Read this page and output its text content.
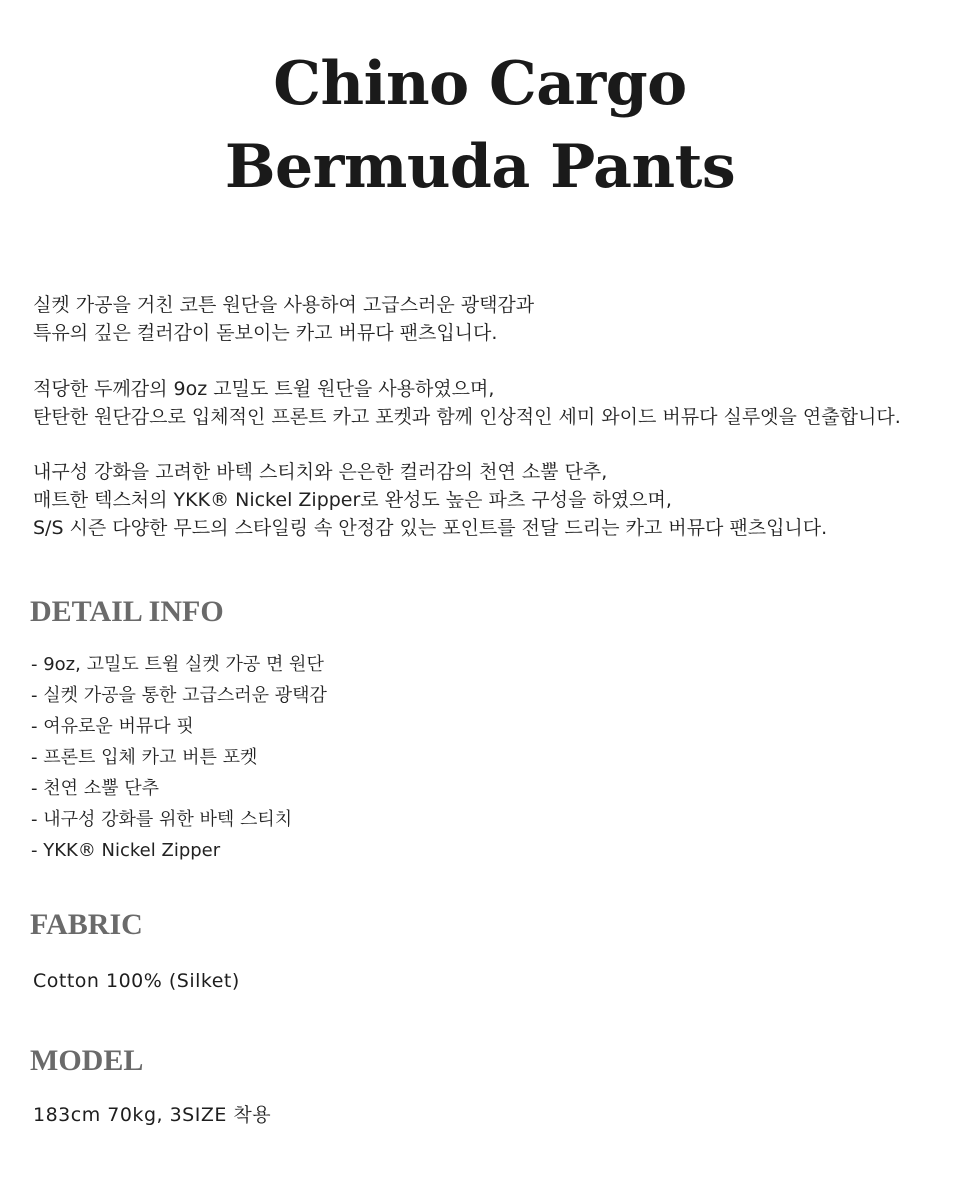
Chino Cargo
Bermuda Pants

실켓 가공을 거친 코튼 원단을 사용하여 고급스러운 광택감과

특유의 깊은 컬러감이 돋보이는 카고 버뮤다 팬츠입니다.

적당한 두께감의 9oz 고밀도 트윌 원단을 사용하였으며,

탄탄한 원단감으로 입체적인 프론트 카고 포켓과 함께 인상적인 세미 와이드 버뮤다 실루엣을 연출합니다.

내구성 강화을 고려한 바텍 스티치와 은은한 컬러감의 천연 소뿔 단추,

매트한 텍스처의 YKK® Nickel Zipper로 완성도 높은 파츠 구성을 하였으며,

S/S 시즌 다양한 무드의 스타일링 속 안정감 있는 포인트를 전달 드리는 카고 버뮤다 팬츠입니다.

DETAIL INFO
- 9oz, 고밀도 트윌 실켓 가공 면 원단
- 실켓 가공을 통한 고급스러운 광택감
- 여유로운 버뮤다 핏
- 프론트 입체 카고 버튼 포켓
- 천연 소뿔 단추
- 내구성 강화를 위한 바텍 스티치
- YKK® Nickel Zipper
FABRIC

Cotton 100% (Silket)

MODEL

183cm 70kg, 3SIZE 착용
